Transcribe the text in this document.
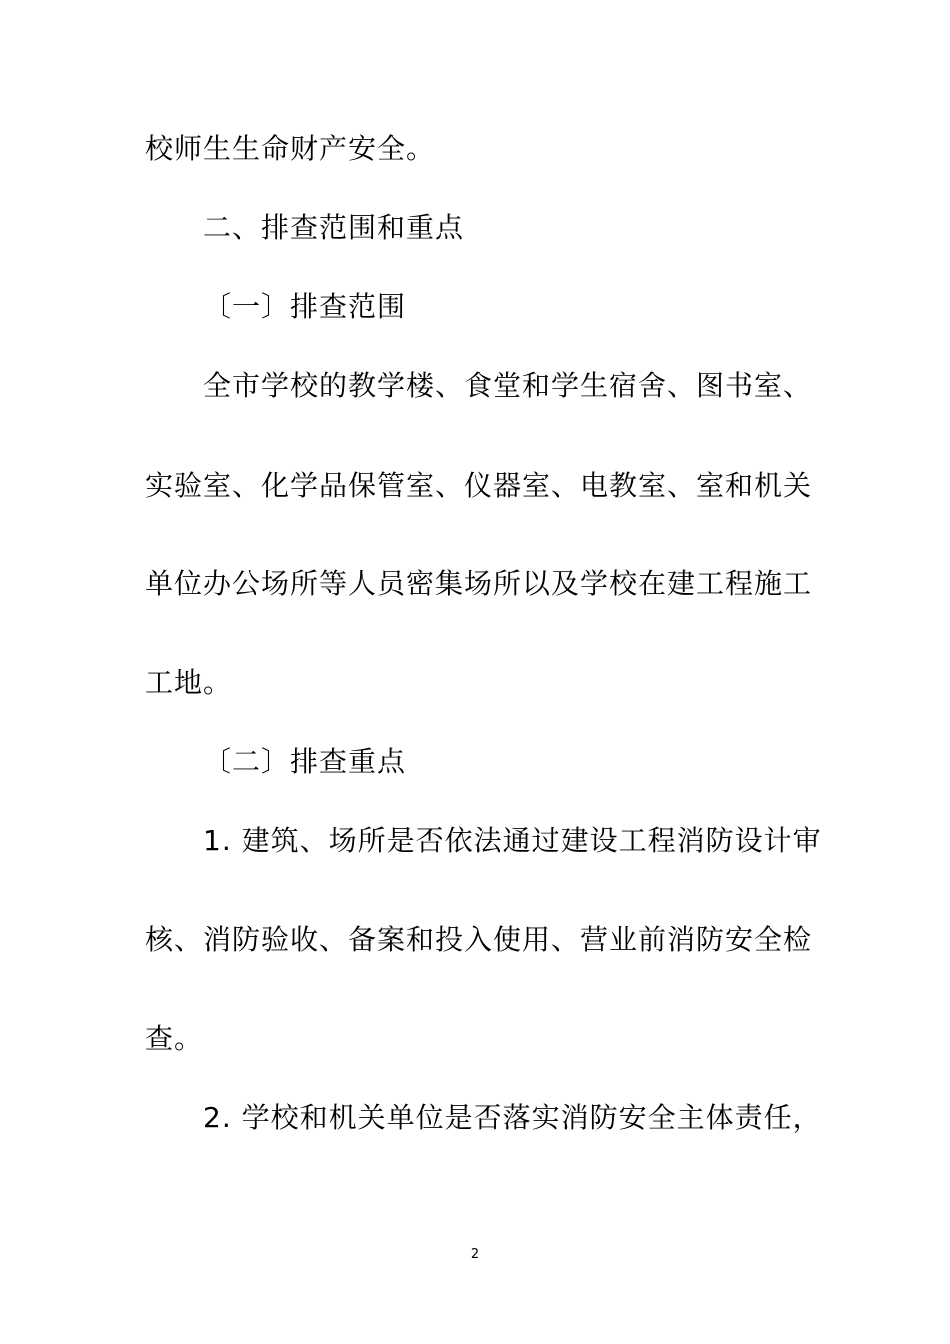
校师生生命财产安全。
二、排查范围和重点
〔一〕排查范围
全市学校的教学楼、食堂和学生宿舍、图书室、
实验室、化学品保管室、仪器室、电教室、室和机关
单位办公场所等人员密集场所以及学校在建工程施工
工地。
〔二〕排查重点
1. 建筑、场所是否依法通过建设工程消防设计审
核、消防验收、备案和投入使用、营业前消防安全检
查。
2. 学校和机关单位是否落实消防安全主体责任，
2
